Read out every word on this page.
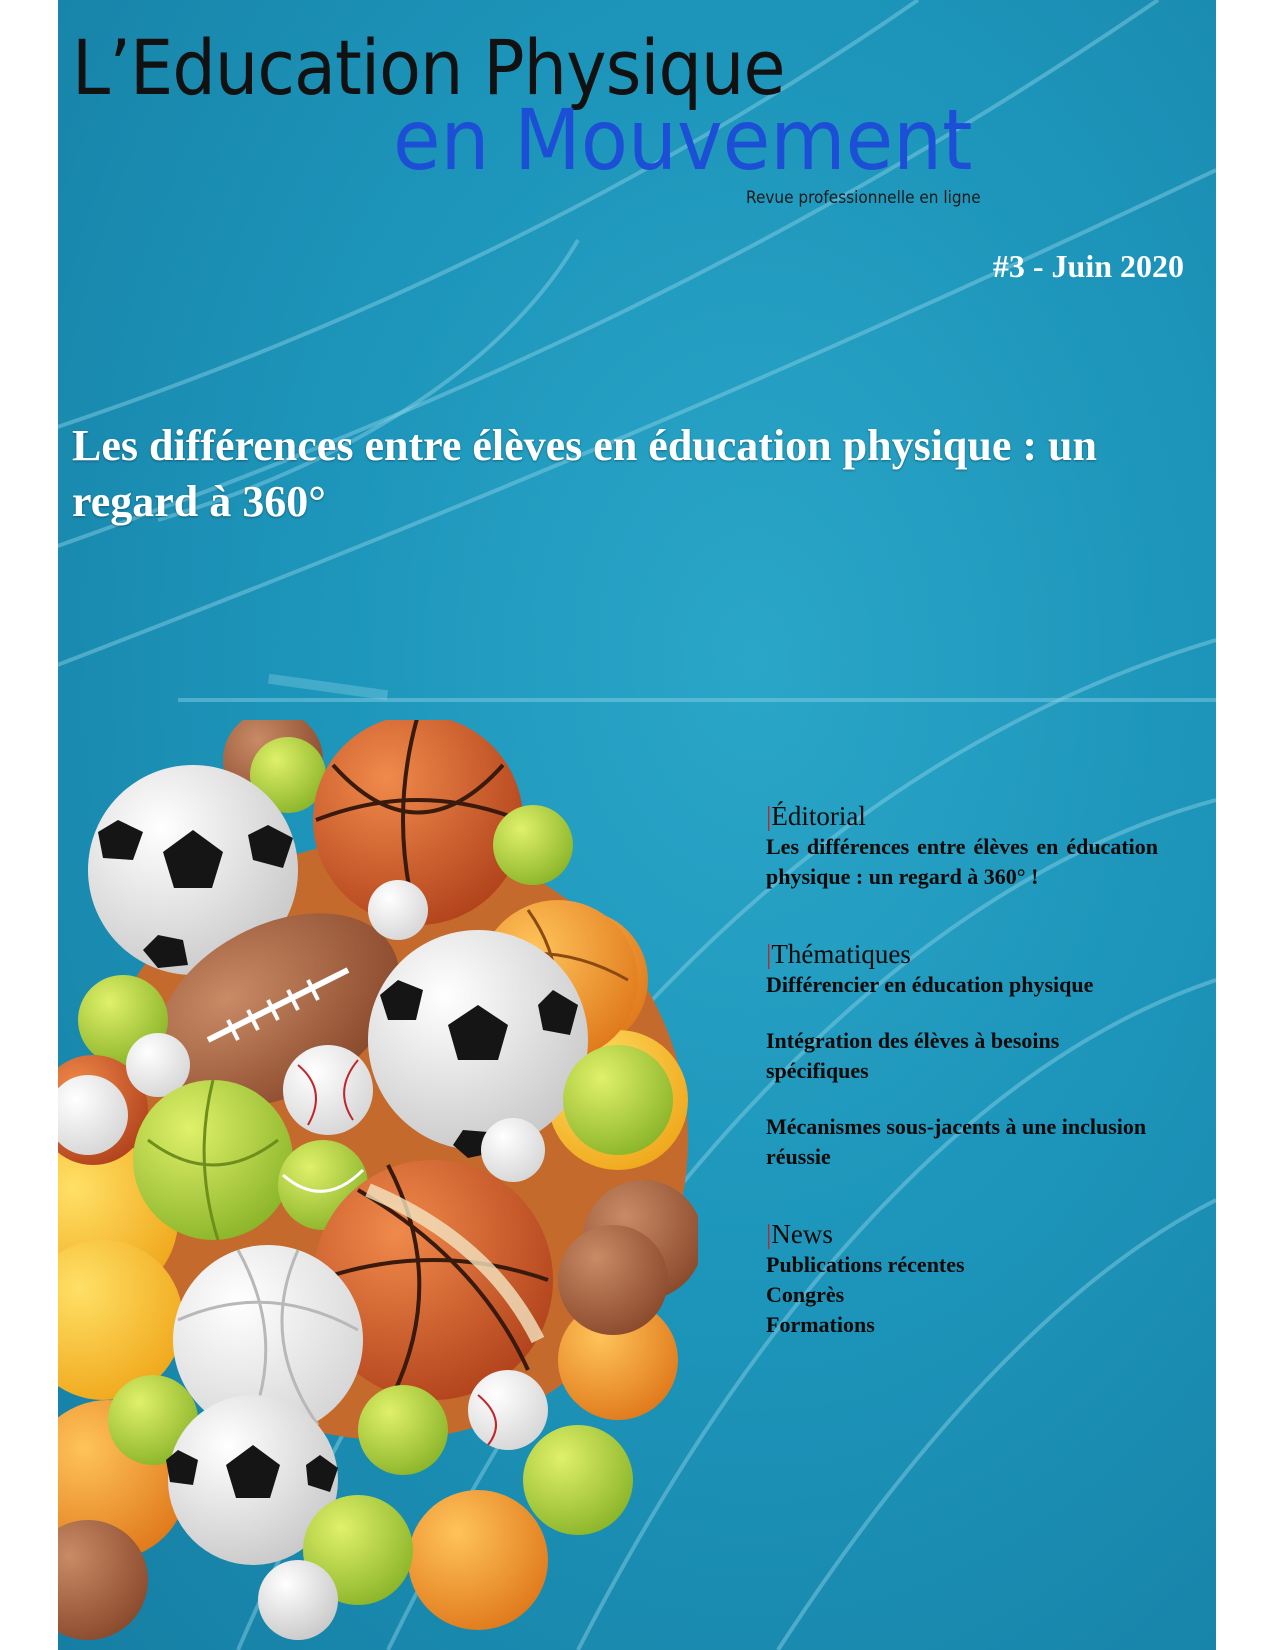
L’Education Physique
en Mouvement
Revue professionnelle en ligne
#3 - Juin 2020
Les différences entre élèves en éducation physique : un regard à 360°
|Éditorial
Les différences entre élèves en éducation physique : un regard à 360° !
|Thématiques
Différencier en éducation physique
Intégration des élèves à besoins spécifiques
Mécanismes sous-jacents à une inclusion réussie
|News
Publications récentes
Congrès
Formations
